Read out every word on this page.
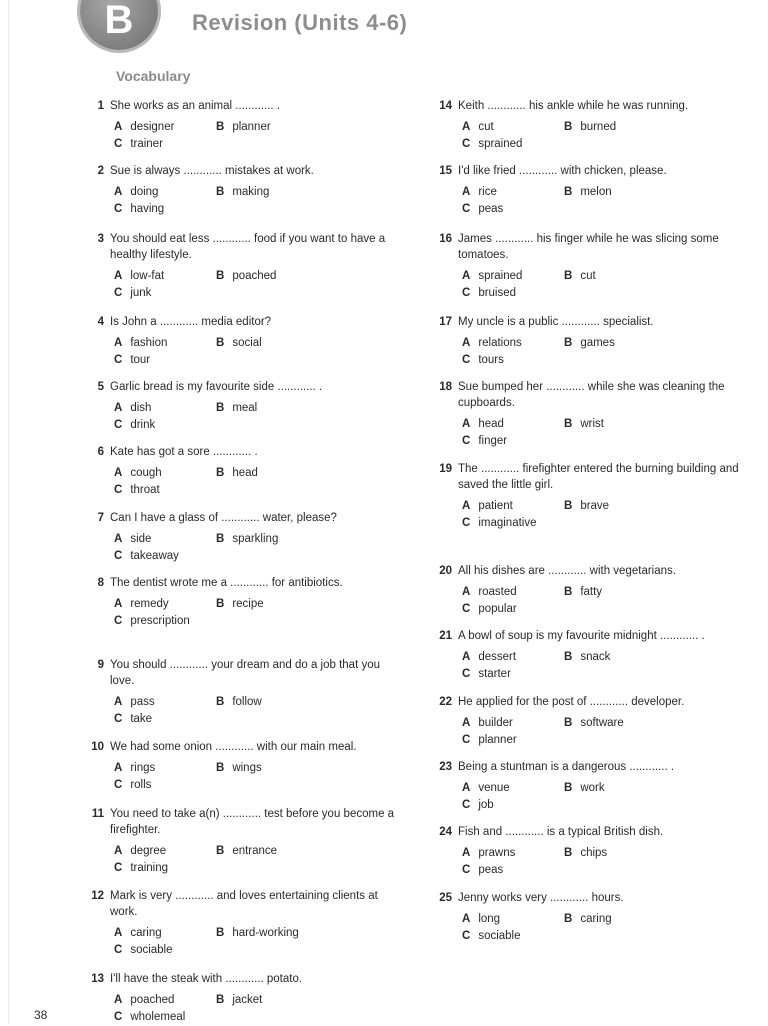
B	Revision (Units 4-6)
Vocabulary
1 She works as an animal ............ .
A designer	B planner
C trainer
2 Sue is always ............ mistakes at work.
A doing	B making
C having
3 You should eat less ............ food if you want to have a healthy lifestyle.
A low-fat	B poached
C junk
4 Is John a ............ media editor?
A fashion	B social
C tour
5 Garlic bread is my favourite side ............ .
A dish	B meal
C drink
6 Kate has got a sore ............ .
A cough	B head
C throat
7 Can I have a glass of ............ water, please?
A side	B sparkling
C takeaway
8 The dentist wrote me a ............ for antibiotics.
A remedy	B recipe
C prescription
9 You should ............ your dream and do a job that you love.
A pass	B follow
C take
10 We had some onion ............ with our main meal.
A rings	B wings
C rolls
11 You need to take a(n) ............ test before you become a firefighter.
A degree	B entrance
C training
12 Mark is very ............ and loves entertaining clients at work.
A caring	B hard-working
C sociable
13 I'll have the steak with ............ potato.
A poached	B jacket
C wholemeal
14 Keith ............ his ankle while he was running.
A cut	B burned
C sprained
15 I'd like fried ............ with chicken, please.
A rice	B melon
C peas
16 James ............ his finger while he was slicing some tomatoes.
A sprained	B cut
C bruised
17 My uncle is a public ............ specialist.
A relations	B games
C tours
18 Sue bumped her ............ while she was cleaning the cupboards.
A head	B wrist
C finger
19 The ............ firefighter entered the burning building and saved the little girl.
A patient	B brave
C imaginative
20 All his dishes are ............ with vegetarians.
A roasted	B fatty
C popular
21 A bowl of soup is my favourite midnight ............ .
A dessert	B snack
C starter
22 He applied for the post of ............ developer.
A builder	B software
C planner
23 Being a stuntman is a dangerous ............ .
A venue	B work
C job
24 Fish and ............ is a typical British dish.
A prawns	B chips
C peas
25 Jenny works very ............ hours.
A long	B caring
C sociable
38
